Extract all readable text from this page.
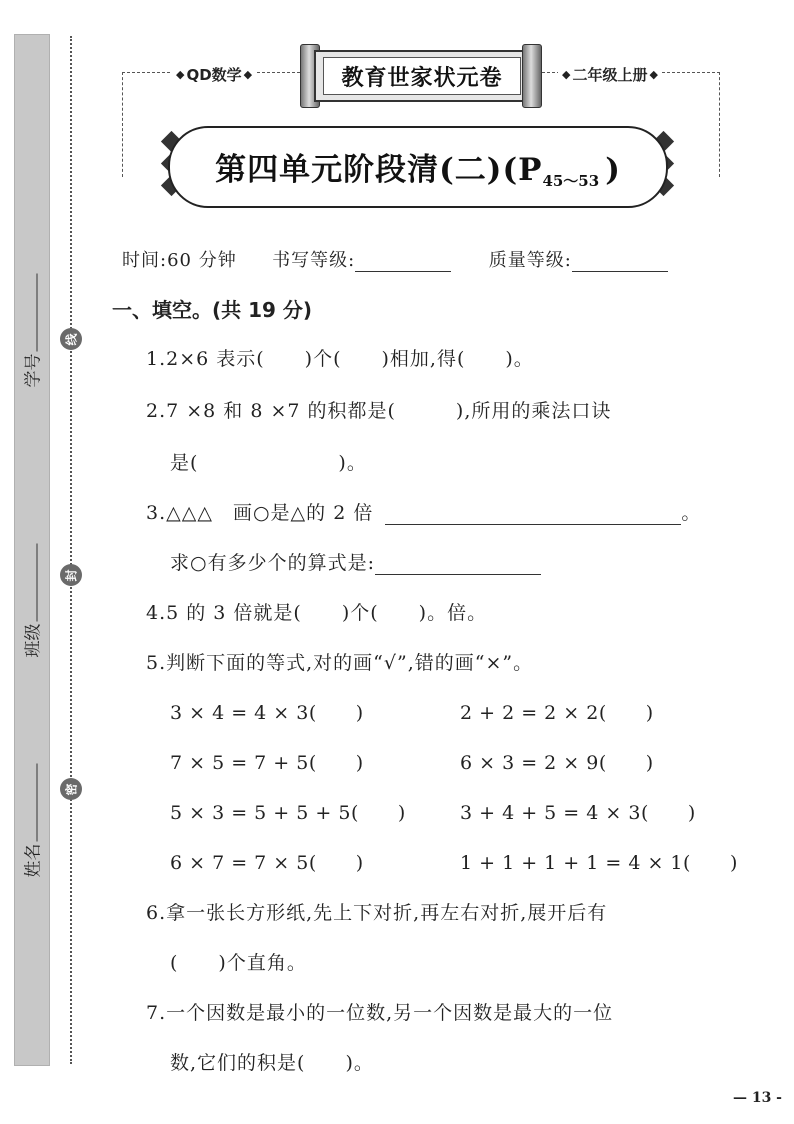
学号
班级
姓名
线
封
密
◆ QD数学 ◆	◆ 二年级上册 ◆
教育世家状元卷
第四单元阶段清(二)($P_{45\sim 53}$ )
时间:60 分钟 书写等级:	质量等级:
一、填空。(共 19 分)
1.2×6 表示(　　)个(　　)相加,得(　　)。
2.7 ×8 和 8 ×7 的积都是(　　　),所用的乘法口诀
是(　　　　　　　)。
3.△△△　画○是△的 2 倍	。
求○有多少个的算式是:
4.5 的 3 倍就是(　　)个(　　)。倍。
5.判断下面的等式,对的画“√”,错的画“×”。
3 × 4 = 4 × 3(　　)	2 + 2 = 2 × 2(　　)
7 × 5 = 7 + 5(　　)	6 × 3 = 2 × 9(　　)
5 × 3 = 5 + 5 + 5(　　)	3 + 4 + 5 = 4 × 3(　　)
6 × 7 = 7 × 5(　　)	1 + 1 + 1 + 1 = 4 × 1(　　)
6.拿一张长方形纸,先上下对折,再左右对折,展开后有
(　　)个直角。
7.一个因数是最小的一位数,另一个因数是最大的一位
数,它们的积是(　　)。
— 13 -
